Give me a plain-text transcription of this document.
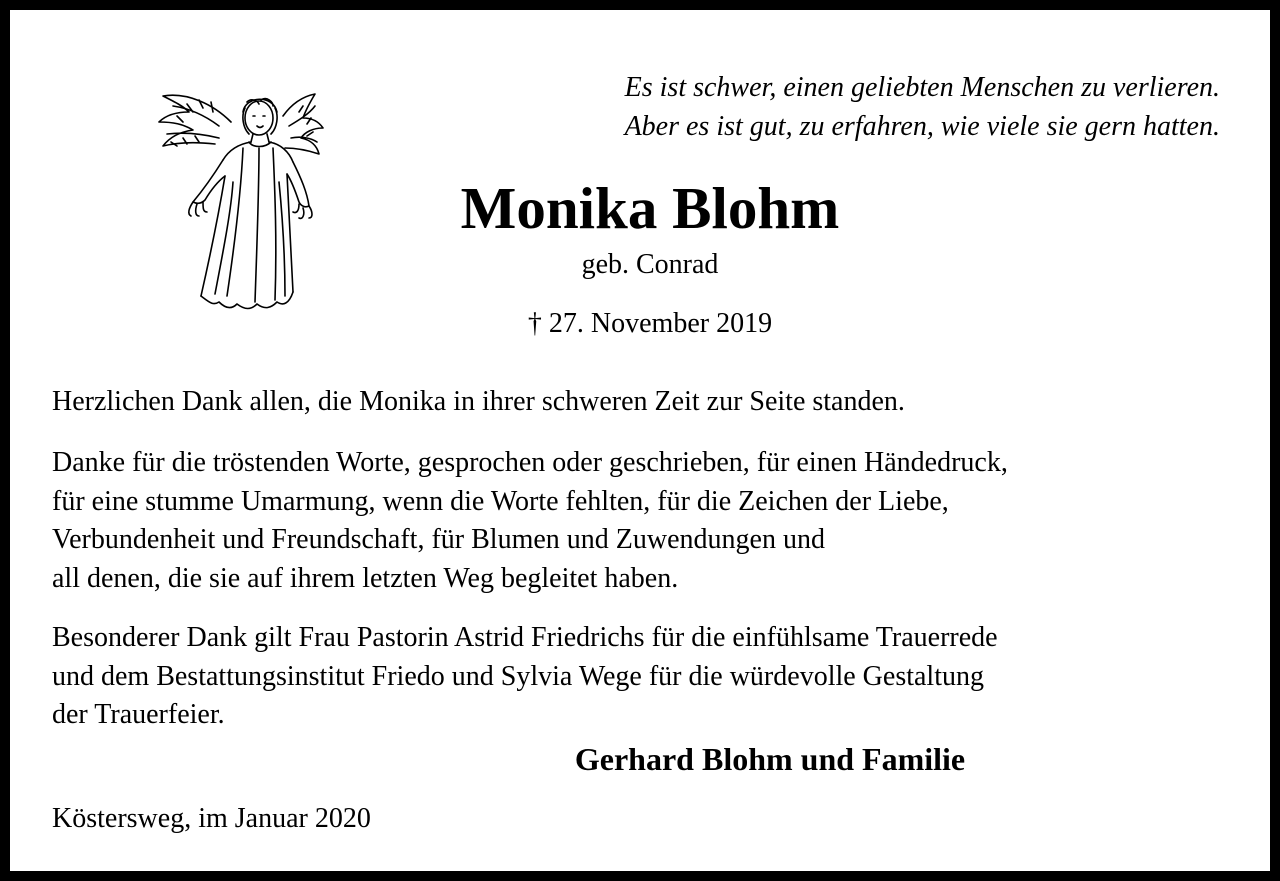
Es ist schwer, einen geliebten Menschen zu verlieren.
Aber es ist gut, zu erfahren, wie viele sie gern hatten.

Monika Blohm

geb. Conrad

† 27. November 2019

Herzlichen Dank allen, die Monika in ihrer schweren Zeit zur Seite standen.

Danke für die tröstenden Worte, gesprochen oder geschrieben, für einen Händedruck,
für eine stumme Umarmung, wenn die Worte fehlten, für die Zeichen der Liebe,
Verbundenheit und Freundschaft, für Blumen und Zuwendungen und
all denen, die sie auf ihrem letzten Weg begleitet haben.

Besonderer Dank gilt Frau Pastorin Astrid Friedrichs für die einfühlsame Trauerrede
und dem Bestattungsinstitut Friedo und Sylvia Wege für die würdevolle Gestaltung
der Trauerfeier.

Gerhard Blohm und Familie

Köstersweg, im Januar 2020
